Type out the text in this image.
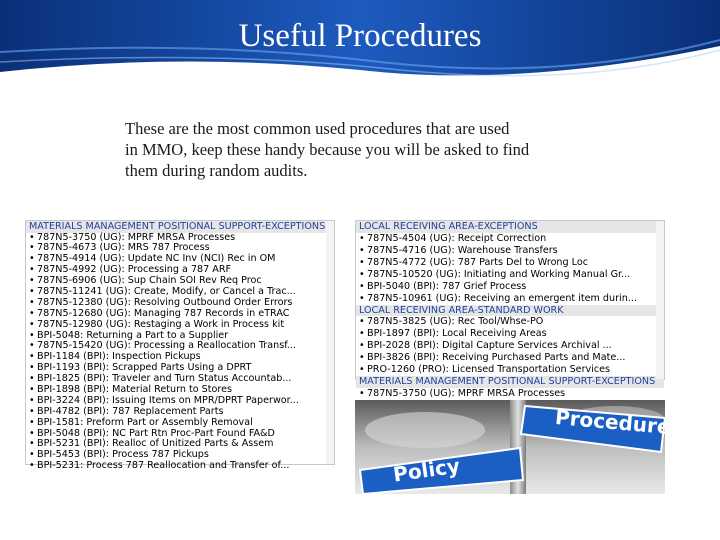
Useful Procedures
These are the most common used procedures that are used
in MMO, keep these handy because you will be asked to find
them during random audits.
MATERIALS MANAGEMENT POSITIONAL SUPPORT-EXCEPTIONS
• 787N5-3750 (UG): MPRF MRSA Processes
• 787N5-4673 (UG): MRS 787 Process
• 787N5-4914 (UG): Update NC Inv (NCI) Rec in OM
• 787N5-4992 (UG): Processing a 787 ARF
• 787N5-6906 (UG): Sup Chain SOI Rev Req Proc
• 787N5-11241 (UG): Create, Modify, or Cancel a Trac...
• 787N5-12380 (UG): Resolving Outbound Order Errors
• 787N5-12680 (UG): Managing 787 Records in eTRAC
• 787N5-12980 (UG): Restaging a Work in Process kit
• BPI-5048: Returning a Part to a Supplier
• 787N5-15420 (UG): Processing a Reallocation Transf...
• BPI-1184 (BPI): Inspection Pickups
• BPI-1193 (BPI): Scrapped Parts Using a DPRT
• BPI-1825 (BPI): Traveler and Turn Status Accountab...
• BPI-1898 (BPI): Material Return to Stores
• BPI-3224 (BPI): Issuing Items on MPR/DPRT Paperwor...
• BPI-4782 (BPI): 787 Replacement Parts
• BPI-1581: Preform Part or Assembly Removal
• BPI-5048 (BPI): NC Part Rtn Proc-Part Found FA&D
• BPI-5231 (BPI): Realloc of Unitized Parts & Assem
• BPI-5453 (BPI): Process 787 Pickups
• BPI-5231: Process 787 Reallocation and Transfer of...
LOCAL RECEIVING AREA-EXCEPTIONS
• 787N5-4504 (UG): Receipt Correction
• 787N5-4716 (UG): Warehouse Transfers
• 787N5-4772 (UG): 787 Parts Del to Wrong Loc
• 787N5-10520 (UG): Initiating and Working Manual Gr...
• BPI-5040 (BPI): 787 Grief Process
• 787N5-10961 (UG): Receiving an emergent item durin...
LOCAL RECEIVING AREA-STANDARD WORK
• 787N5-3825 (UG): Rec Tool/Whse-PO
• BPI-1897 (BPI): Local Receiving Areas
• BPI-2028 (BPI): Digital Capture Services Archival ...
• BPI-3826 (BPI): Receiving Purchased Parts and Mate...
• PRO-1260 (PRO): Licensed Transportation Services
MATERIALS MANAGEMENT POSITIONAL SUPPORT-EXCEPTIONS
• 787N5-3750 (UG): MPRF MRSA Processes
Procedure
Policy
